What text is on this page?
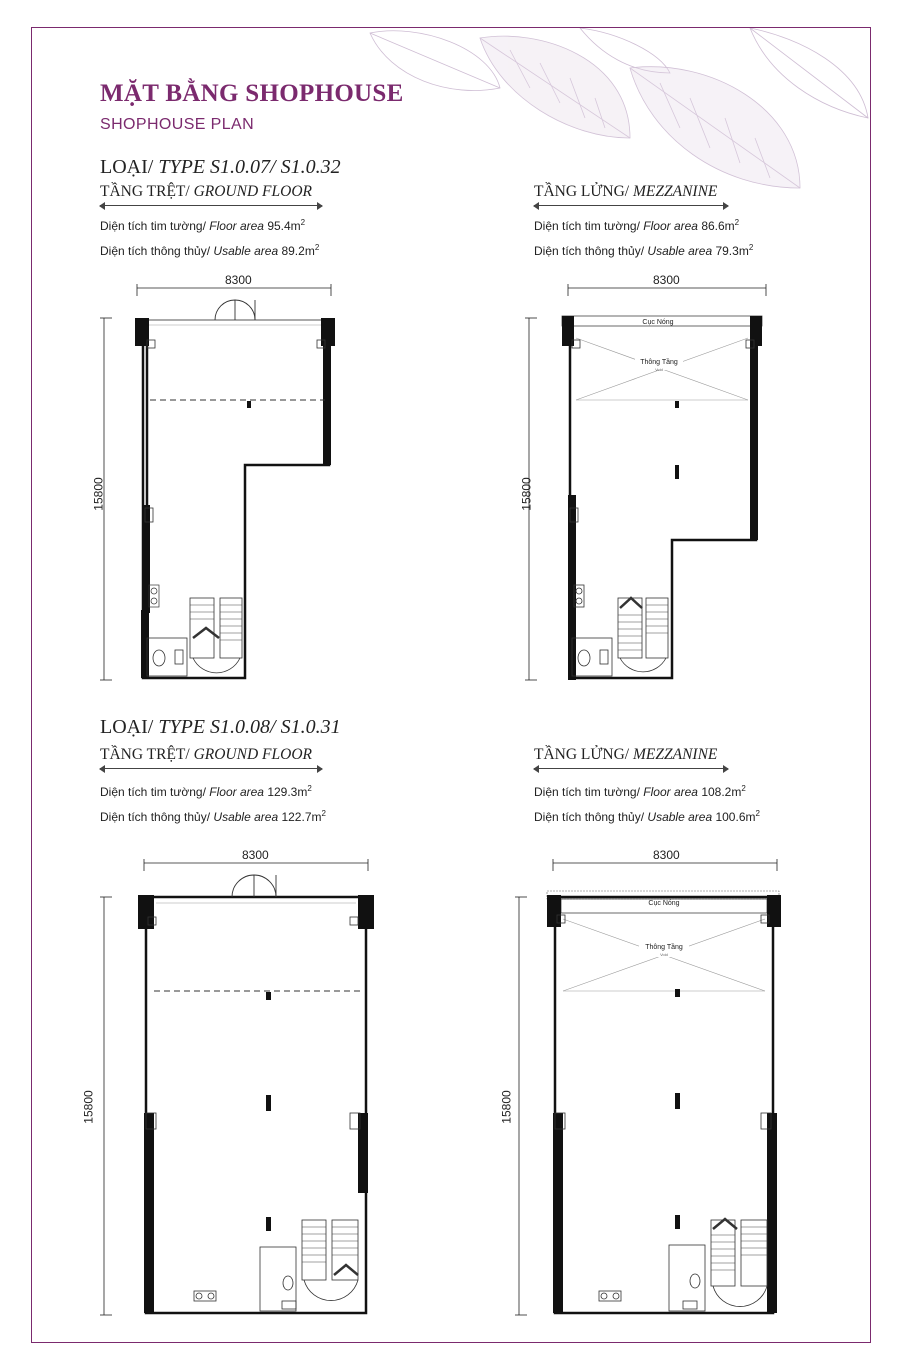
MẶT BẰNG SHOPHOUSE
SHOPHOUSE PLAN
LOẠI/ TYPE S1.0.07/ S1.0.32
TẦNG TRỆT/ GROUND FLOOR
Diện tích tim tường/ Floor area $95.4m^2$
Diện tích thông thủy/ Usable area $89.2m^2$
TẦNG LỬNG/ MEZZANINE
Diện tích tim tường/ Floor area $86.6m^2$
Diện tích thông thủy/ Usable area $79.3m^2$
8300
15800
8300
15800
Cục Nóng
Thông Tầng
Void
LOẠI/ TYPE S1.0.08/ S1.0.31
TẦNG TRỆT/ GROUND FLOOR
Diện tích tim tường/ Floor area $129.3m^2$
Diện tích thông thủy/ Usable area $122.7m^2$
TẦNG LỬNG/ MEZZANINE
Diện tích tim tường/ Floor area $108.2m^2$
Diện tích thông thủy/ Usable area $100.6m^2$
8300
15800
8300
15800
Cục Nóng
Thông Tầng
Void
